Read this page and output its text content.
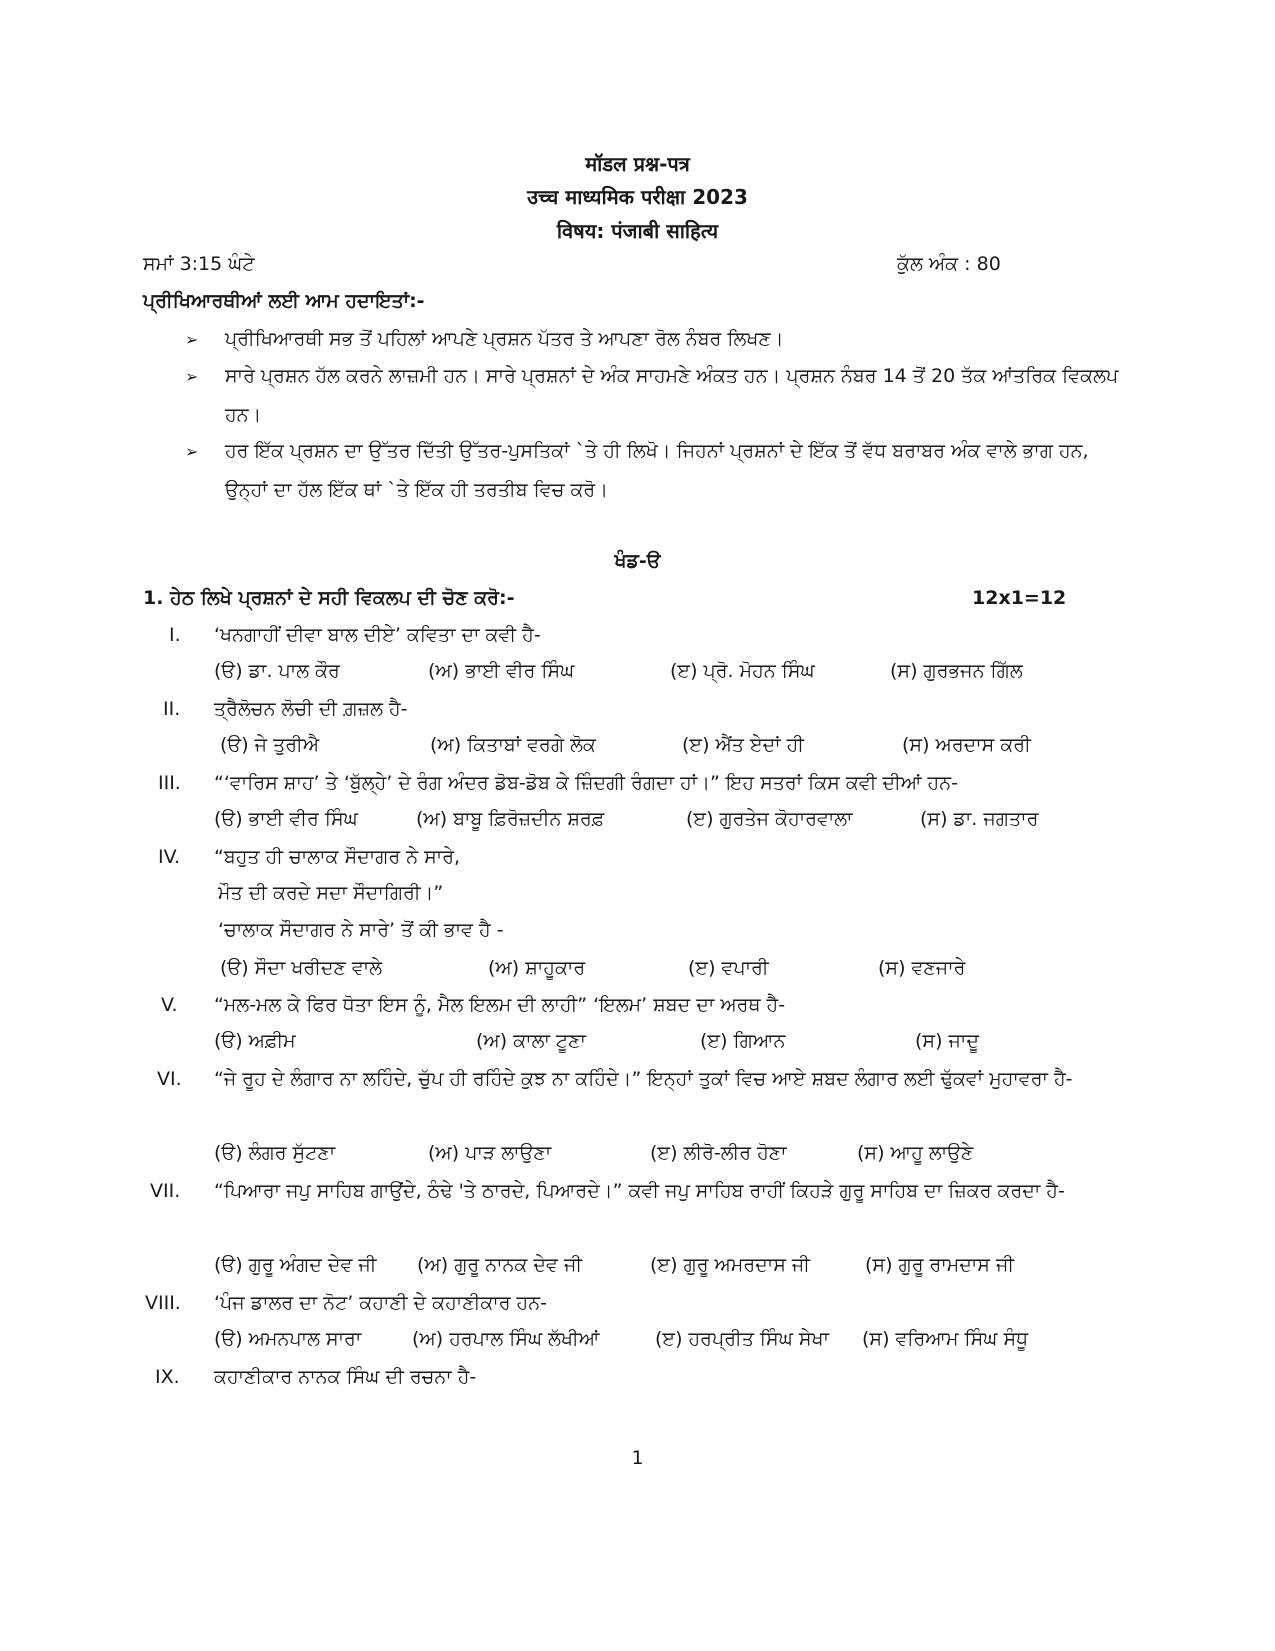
मॉडल प्रश्न-पत्र
उच्च माध्यमिक परीक्षा 2023
विषय: पंजाबी साहित्य
ਸਮਾਂ 3:15 ਘੰਟੇ	ਕੁੱਲ ਅੰਕ : 80
ਪ੍ਰੀਖਿਆਰਥੀਆਂ ਲਈ ਆਮ ਹਦਾਇਤਾਂ:-
➢ ਪ੍ਰੀਖਿਆਰਥੀ ਸਭ ਤੋਂ ਪਹਿਲਾਂ ਆਪਣੇ ਪ੍ਰਸ਼ਨ ਪੱਤਰ ਤੇ ਆਪਣਾ ਰੋਲ ਨੰਬਰ ਲਿਖਣ।
➢ ਸਾਰੇ ਪ੍ਰਸ਼ਨ ਹੱਲ ਕਰਨੇ ਲਾਜ਼ਮੀ ਹਨ। ਸਾਰੇ ਪ੍ਰਸ਼ਨਾਂ ਦੇ ਅੰਕ ਸਾਹਮਣੇ ਅੰਕਤ ਹਨ। ਪ੍ਰਸ਼ਨ ਨੰਬਰ 14 ਤੋਂ 20 ਤੱਕ ਆਂਤਰਿਕ ਵਿਕਲਪ ਹਨ।
➢ ਹਰ ਇੱਕ ਪ੍ਰਸ਼ਨ ਦਾ ਉੱਤਰ ਦਿੱਤੀ ਉੱਤਰ-ਪੁਸਤਿਕਾਂ `ਤੇ ਹੀ ਲਿਖੋ। ਜਿਹਨਾਂ ਪ੍ਰਸ਼ਨਾਂ ਦੇ ਇੱਕ ਤੋਂ ਵੱਧ ਬਰਾਬਰ ਅੰਕ ਵਾਲੇ ਭਾਗ ਹਨ, ਉਨ੍ਹਾਂ ਦਾ ਹੱਲ ਇੱਕ ਥਾਂ `ਤੇ ਇੱਕ ਹੀ ਤਰਤੀਬ ਵਿਚ ਕਰੋ।
ਖੰਡ-ੳ
1. ਹੇਠ ਲਿਖੇ ਪ੍ਰਸ਼ਨਾਂ ਦੇ ਸਹੀ ਵਿਕਲਪ ਦੀ ਚੋਣ ਕਰੋ:-	12x1=12
I. ‘ਖਨਗਾਹੀਂ ਦੀਵਾ ਬਾਲ ਦੀਏ’ ਕਵਿਤਾ ਦਾ ਕਵੀ ਹੈ-
(ੳ) ਡਾ. ਪਾਲ ਕੌਰ	(ਅ) ਭਾਈ ਵੀਰ ਸਿੰਘ	(ੲ) ਪ੍ਰੋ. ਮੋਹਨ ਸਿੰਘ	(ਸ) ਗੁਰਭਜਨ ਗਿੱਲ
II. ਤ੍ਰੈਲੋਚਨ ਲੋਚੀ ਦੀ ਗ਼ਜ਼ਲ ਹੈ-
(ੳ) ਜੇ ਤੁਰੀਐ	(ਅ) ਕਿਤਾਬਾਂ ਵਰਗੇ ਲੋਕ	(ੲ) ਐਂਤ ਏਦਾਂ ਹੀ	(ਸ) ਅਰਦਾਸ ਕਰੀ
III. “‘ਵਾਰਿਸ ਸ਼ਾਹ’ ਤੇ ‘ਬੁੱਲ੍ਹੇ’ ਦੇ ਰੰਗ ਅੰਦਰ ਡੋਬ-ਡੋਬ ਕੇ ਜ਼ਿੰਦਗੀ ਰੰਗਦਾ ਹਾਂ।” ਇਹ ਸਤਰਾਂ ਕਿਸ ਕਵੀ ਦੀਆਂ ਹਨ-
(ੳ) ਭਾਈ ਵੀਰ ਸਿੰਘ	(ਅ) ਬਾਬੂ ਫ਼ਿਰੋਜ਼ਦੀਨ ਸ਼ਰਫ਼	(ੲ) ਗੁਰਤੇਜ ਕੋਹਾਰਵਾਲਾ	(ਸ) ਡਾ. ਜਗਤਾਰ
IV. “ਬਹੁਤ ਹੀ ਚਾਲਾਕ ਸੌਦਾਗਰ ਨੇ ਸਾਰੇ,
ਮੌਤ ਦੀ ਕਰਦੇ ਸਦਾ ਸੌਦਾਗਿਰੀ।”
‘ਚਾਲਾਕ ਸੌਦਾਗਰ ਨੇ ਸਾਰੇ’ ਤੋਂ ਕੀ ਭਾਵ ਹੈ -
(ੳ) ਸੌਦਾ ਖਰੀਦਣ ਵਾਲੇ	(ਅ) ਸ਼ਾਹੂਕਾਰ	(ੲ) ਵਪਾਰੀ	(ਸ) ਵਣਜਾਰੇ
V. “ਮਲ-ਮਲ ਕੇ ਫਿਰ ਧੋਤਾ ਇਸ ਨੂੰ, ਮੈਲ ਇਲਮ ਦੀ ਲਾਹੀ” ‘ਇਲਮ’ ਸ਼ਬਦ ਦਾ ਅਰਥ ਹੈ-
(ੳ) ਅਫ਼ੀਮ	(ਅ) ਕਾਲਾ ਟੂਣਾ	(ੲ) ਗਿਆਨ	(ਸ) ਜਾਦੂ
VI. “ਜੇ ਰੂਹ ਦੇ ਲੰਗਾਰ ਨਾ ਲਹਿੰਦੇ, ਚੁੱਪ ਹੀ ਰਹਿੰਦੇ ਕੁਝ ਨਾ ਕਹਿੰਦੇ।” ਇਨ੍ਹਾਂ ਤੁਕਾਂ ਵਿਚ ਆਏ ਸ਼ਬਦ ਲੰਗਾਰ ਲਈ ਢੁੱਕਵਾਂ ਮੁਹਾਵਰਾ ਹੈ-
(ੳ) ਲੰਗਰ ਸੁੱਟਣਾ	(ਅ) ਪਾੜ ਲਾਉਣਾ	(ੲ) ਲੀਰੋ-ਲੀਰ ਹੋਣਾ	(ਸ) ਆਹੂ ਲਾਉਣੇ
VII. “ਪਿਆਰਾ ਜਪੁ ਸਾਹਿਬ ਗਾਉਂਦੇ, ਠੰਢੇ 'ਤੇ ਠਾਰਦੇ, ਪਿਆਰਦੇ।” ਕਵੀ ਜਪੁ ਸਾਹਿਬ ਰਾਹੀਂ ਕਿਹੜੇ ਗੁਰੂ ਸਾਹਿਬ ਦਾ ਜ਼ਿਕਰ ਕਰਦਾ ਹੈ-
(ੳ) ਗੁਰੂ ਅੰਗਦ ਦੇਵ ਜੀ (ਅ) ਗੁਰੂ ਨਾਨਕ ਦੇਵ ਜੀ	(ੲ) ਗੁਰੂ ਅਮਰਦਾਸ ਜੀ	(ਸ) ਗੁਰੂ ਰਾਮਦਾਸ ਜੀ
VIII. ‘ਪੰਜ ਡਾਲਰ ਦਾ ਨੋਟ’ ਕਹਾਣੀ ਦੇ ਕਹਾਣੀਕਾਰ ਹਨ-
(ੳ) ਅਮਨਪਾਲ ਸਾਰਾ	(ਅ) ਹਰਪਾਲ ਸਿੰਘ ਲੱਖੀਆਂ	(ੲ) ਹਰਪ੍ਰੀਤ ਸਿੰਘ ਸੇਖਾ (ਸ) ਵਰਿਆਮ ਸਿੰਘ ਸੰਧੂ
IX. ਕਹਾਣੀਕਾਰ ਨਾਨਕ ਸਿੰਘ ਦੀ ਰਚਨਾ ਹੈ-
1
